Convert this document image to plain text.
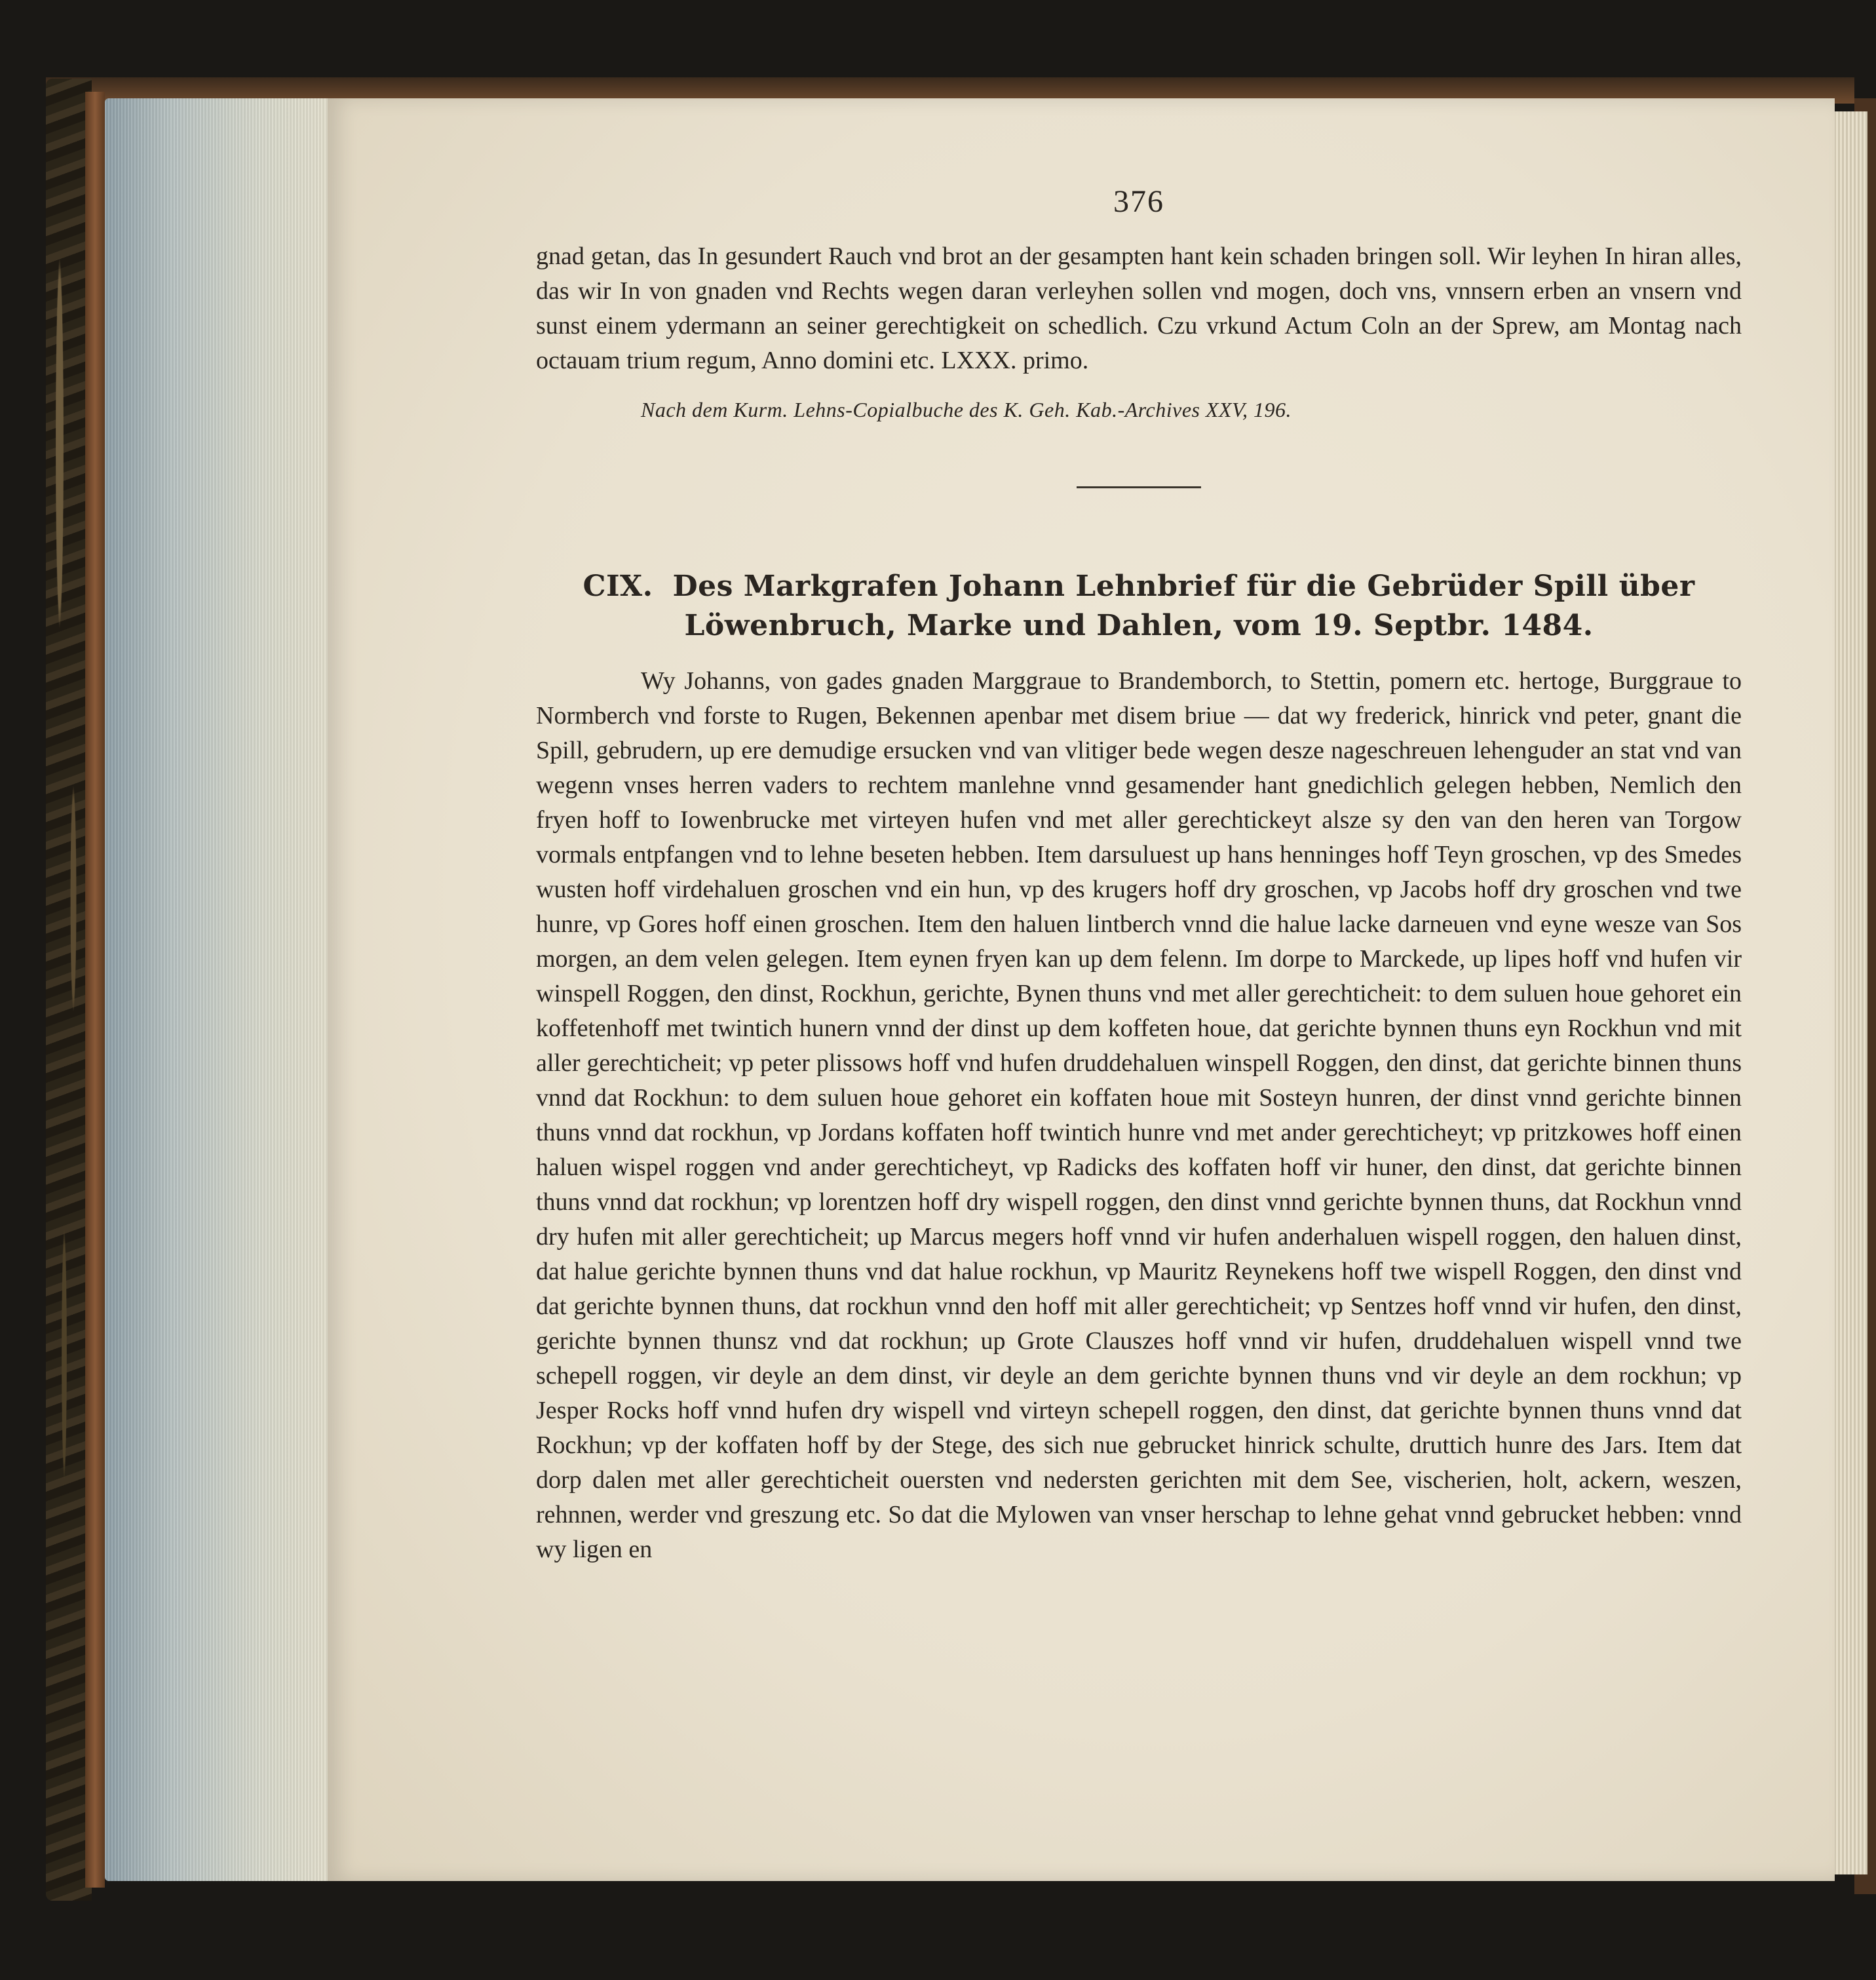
376

gnad getan, das In gesundert Rauch vnd brot an der gesampten hant kein schaden bringen soll. Wir leyhen In hiran alles, das wir In von gnaden vnd Rechts wegen daran verleyhen sollen vnd mogen, doch vns, vnnsern erben an vnsern vnd sunst einem ydermann an seiner gerechtigkeit on schedlich. Czu vrkund Actum Coln an der Sprew, am Montag nach octauam trium regum, Anno domini etc. LXXX. primo.

Nach dem Kurm. Lehns-Copialbuche des K. Geh. Kab.-Archives XXV, 196.
CIX. Des Markgrafen Johann Lehnbrief für die Gebrüder Spill über Löwenbruch, Marke und Dahlen, vom 19. Septbr. 1484.

Wy Johanns, von gades gnaden Marggraue to Brandemborch, to Stettin, pomern etc. hertoge, Burggraue to Normberch vnd forste to Rugen, Bekennen apenbar met disem briue — dat wy frederick, hinrick vnd peter, gnant die Spill, gebrudern, up ere demudige ersucken vnd van vlitiger bede wegen desze nageschreuen lehenguder an stat vnd van wegenn vnses herren vaders to rechtem manlehne vnnd gesamender hant gnedichlich gelegen hebben, Nemlich den fryen hoff to Iowenbrucke met virteyen hufen vnd met aller gerechtickeyt alsze sy den van den heren van Torgow vormals entpfangen vnd to lehne beseten hebben. Item darsuluest up hans henninges hoff Teyn groschen, vp des Smedes wusten hoff virdehaluen groschen vnd ein hun, vp des krugers hoff dry groschen, vp Jacobs hoff dry groschen vnd twe hunre, vp Gores hoff einen groschen. Item den haluen lintberch vnnd die halue lacke darneuen vnd eyne wesze van Sos morgen, an dem velen gelegen. Item eynen fryen kan up dem felenn. Im dorpe to Marckede, up lipes hoff vnd hufen vir winspell Roggen, den dinst, Rockhun, gerichte, Bynen thuns vnd met aller gerechticheit: to dem suluen houe gehoret ein koffetenhoff met twintich hunern vnnd der dinst up dem koffeten houe, dat gerichte bynnen thuns eyn Rockhun vnd mit aller gerechticheit; vp peter plissows hoff vnd hufen druddehaluen winspell Roggen, den dinst, dat gerichte binnen thuns vnnd dat Rockhun: to dem suluen houe gehoret ein koffaten houe mit Sosteyn hunren, der dinst vnnd gerichte binnen thuns vnnd dat rockhun, vp Jordans koffaten hoff twintich hunre vnd met ander gerechticheyt; vp pritzkowes hoff einen haluen wispel roggen vnd ander gerechticheyt, vp Radicks des koffaten hoff vir huner, den dinst, dat gerichte binnen thuns vnnd dat rockhun; vp lorentzen hoff dry wispell roggen, den dinst vnnd gerichte bynnen thuns, dat Rockhun vnnd dry hufen mit aller gerechticheit; up Marcus megers hoff vnnd vir hufen anderhaluen wispell roggen, den haluen dinst, dat halue gerichte bynnen thuns vnd dat halue rockhun, vp Mauritz Reynekens hoff twe wispell Roggen, den dinst vnd dat gerichte bynnen thuns, dat rockhun vnnd den hoff mit aller gerechticheit; vp Sentzes hoff vnnd vir hufen, den dinst, gerichte bynnen thunsz vnd dat rockhun; up Grote Clauszes hoff vnnd vir hufen, druddehaluen wispell vnnd twe schepell roggen, vir deyle an dem dinst, vir deyle an dem gerichte bynnen thuns vnd vir deyle an dem rockhun; vp Jesper Rocks hoff vnnd hufen dry wispell vnd virteyn schepell roggen, den dinst, dat gerichte bynnen thuns vnnd dat Rockhun; vp der koffaten hoff by der Stege, des sich nue gebrucket hinrick schulte, druttich hunre des Jars. Item dat dorp dalen met aller gerechticheit ouersten vnd nedersten gerichten mit dem See, vischerien, holt, ackern, weszen, rehnnen, werder vnd greszung etc. So dat die Mylowen van vnser herschap to lehne gehat vnnd gebrucket hebben: vnnd wy ligen en
